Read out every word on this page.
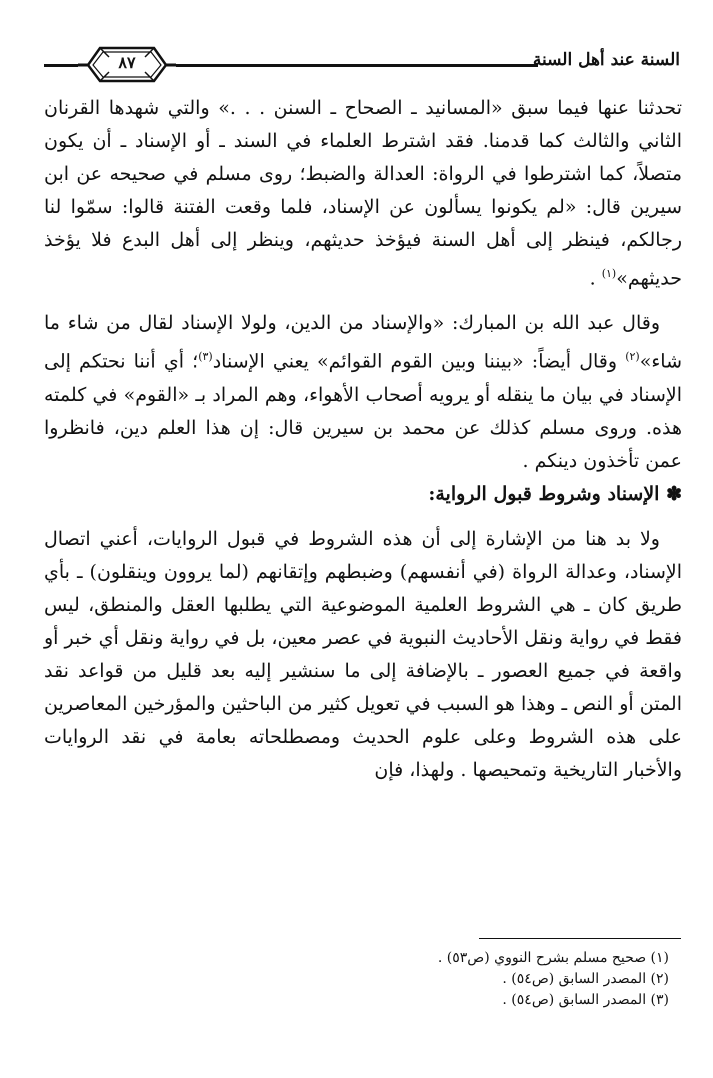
٨٧	السنة عند أهل السنة

تحدثنا عنها فيما سبق «المسانيد ـ الصحاح ـ السنن . . .» والتي شهدها القرنان الثاني والثالث كما قدمنا. فقد اشترط العلماء في السند ـ أو الإسناد ـ أن يكون متصلاً، كما اشترطوا في الرواة: العدالة والضبط؛ روى مسلم في صحيحه عن ابن سيرين قال: «لم يكونوا يسألون عن الإسناد، فلما وقعت الفتنة قالوا: سمّوا لنا رجالكم، فينظر إلى أهل السنة فيؤخذ حديثهم، وينظر إلى أهل البدع فلا يؤخذ حديثهم»$^{(١)}$ .

وقال عبد الله بن المبارك: «والإسناد من الدين، ولولا الإسناد لقال من شاء ما شاء»$^{(٢)}$ وقال أيضاً: «بيننا وبين القوم القوائم» يعني الإسناد$^{(٣)}$؛ أي أننا نحتكم إلى الإسناد في بيان ما ينقله أو يرويه أصحاب الأهواء، وهم المراد بـ «القوم» في كلمته هذه. وروى مسلم كذلك عن محمد بن سيرين قال: إن هذا العلم دين، فانظروا عمن تأخذون دينكم .

✽ الإسناد وشروط قبول الرواية:

ولا بد هنا من الإشارة إلى أن هذه الشروط في قبول الروايات، أعني اتصال الإسناد، وعدالة الرواة (في أنفسهم) وضبطهم وإتقانهم (لما يروون وينقلون) ـ بأي طريق كان ـ هي الشروط العلمية الموضوعية التي يطلبها العقل والمنطق، ليس فقط في رواية ونقل الأحاديث النبوية في عصر معين، بل في رواية ونقل أي خبر أو واقعة في جميع العصور ـ بالإضافة إلى ما سنشير إليه بعد قليل من قواعد نقد المتن أو النص ـ وهذا هو السبب في تعويل كثير من الباحثين والمؤرخين المعاصرين على هذه الشروط وعلى علوم الحديث ومصطلحاته بعامة في نقد الروايات والأخبار التاريخية وتمحيصها . ولهذا، فإن

(١) صحيح مسلم بشرح النووي (ص٥٣) .

(٢) المصدر السابق (ص٥٤) .

(٣) المصدر السابق (ص٥٤) .
